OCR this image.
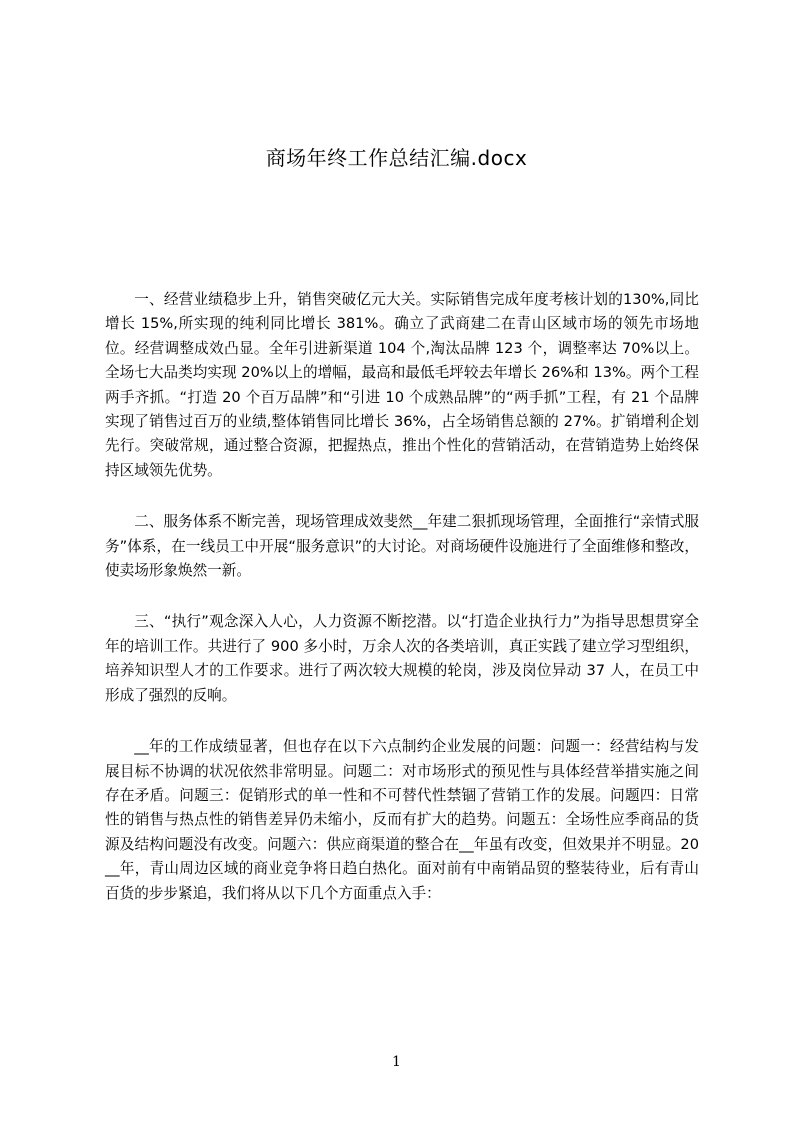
商场年终工作总结汇编.docx

一、经营业绩稳步上升，销售突破亿元大关。实际销售完成年度考核计划的130%,同比增长 15%,所实现的纯利同比增长 381%。确立了武商建二在青山区域市场的领先市场地位。经营调整成效凸显。全年引进新渠道 104 个,淘汰品牌 123 个，调整率达 70%以上。全场七大品类均实现 20%以上的增幅，最高和最低毛坪较去年增长 26%和 13%。两个工程两手齐抓。“打造 20 个百万品牌”和“引进 10 个成熟品牌”的“两手抓”工程，有 21 个品牌实现了销售过百万的业绩,整体销售同比增长 36%，占全场销售总额的 27%。扩销增利企划先行。突破常规，通过整合资源，把握热点，推出个性化的营销活动，在营销造势上始终保持区域领先优势。

二、服务体系不断完善，现场管理成效斐然__年建二狠抓现场管理，全面推行“亲情式服务”体系，在一线员工中开展“服务意识”的大讨论。对商场硬件设施进行了全面维修和整改，使卖场形象焕然一新。

三、“执行”观念深入人心，人力资源不断挖潜。以“打造企业执行力”为指导思想贯穿全年的培训工作。共进行了 900 多小时，万余人次的各类培训，真正实践了建立学习型组织，培养知识型人才的工作要求。进行了两次较大规模的轮岗，涉及岗位异动 37 人，在员工中形成了强烈的反响。

__年的工作成绩显著，但也存在以下六点制约企业发展的问题：问题一：经营结构与发展目标不协调的状况依然非常明显。问题二：对市场形式的预见性与具体经营举措实施之间存在矛盾。问题三：促销形式的单一性和不可替代性禁锢了营销工作的发展。问题四：日常性的销售与热点性的销售差异仍未缩小，反而有扩大的趋势。问题五：全场性应季商品的货源及结构问题没有改变。问题六：供应商渠道的整合在__年虽有改变，但效果并不明显。20__年，青山周边区域的商业竞争将日趋白热化。面对前有中南销品贸的整装待业，后有青山百货的步步紧追，我们将从以下几个方面重点入手：

1
